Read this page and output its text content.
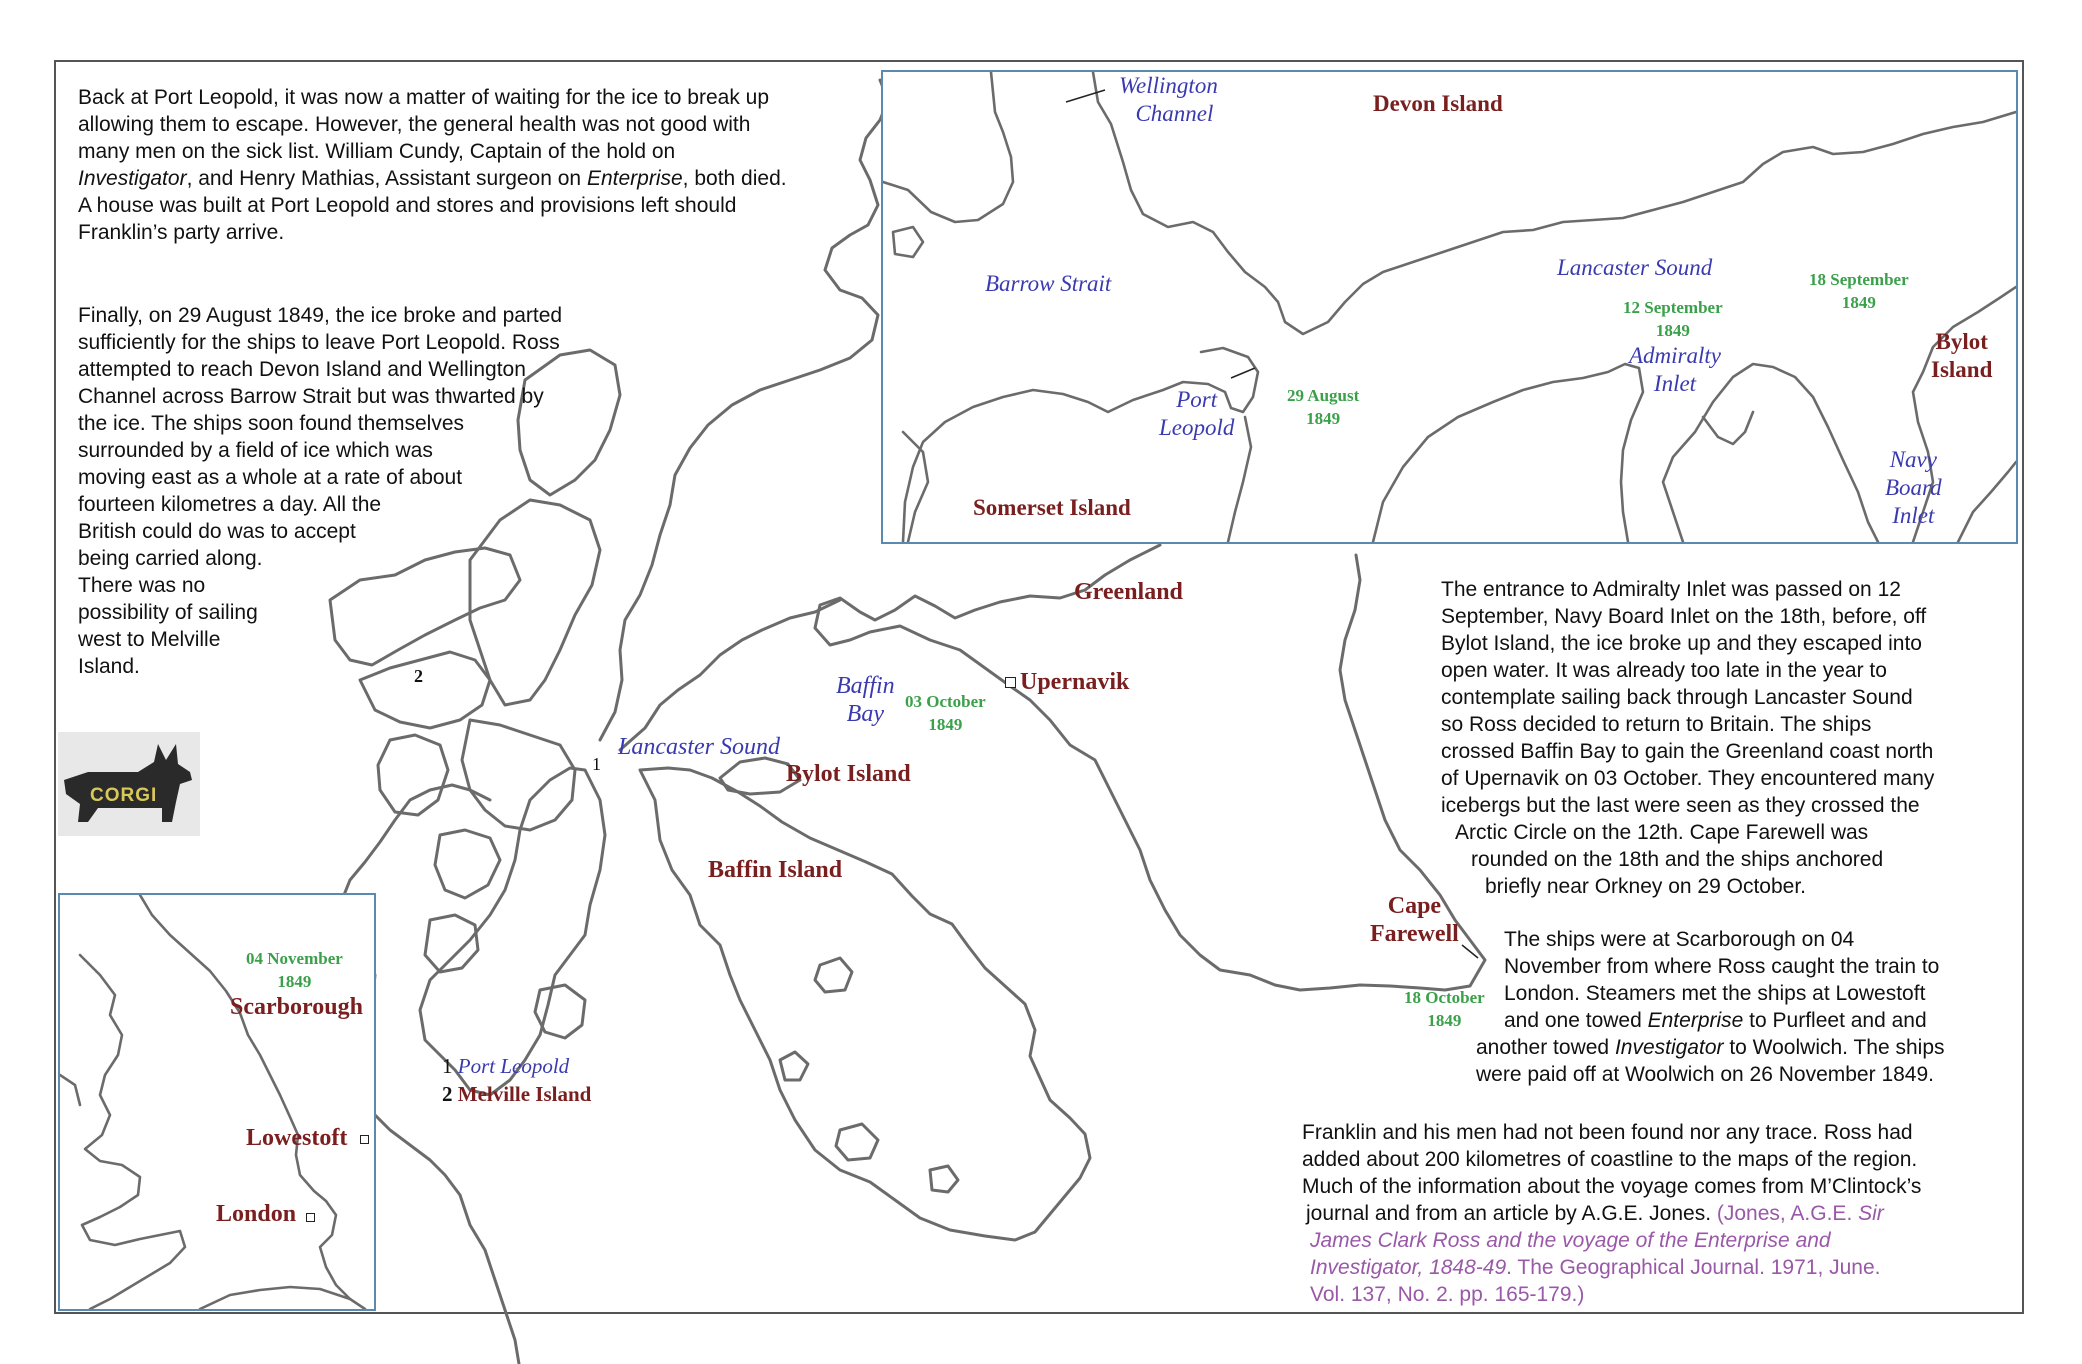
CORGI
Wellington
Channel	Devon Island
Barrow Strait
Lancaster Sound
12 September
1849
18 September
1849
Bylot
Island
Admiralty
Inlet
Port
Leopold
29 August
1849
Navy
Board
Inlet
Somerset Island
04 November
1849
Scarborough
Lowestoft
London
Greenland
Baffin
Bay	03 October
1849
Upernavik
Lancaster Sound
Bylot Island
Baffin Island
Cape
Farewell
18 October
1849
1
2
1 Port Leopold
2 Melville Island
Back at Port Leopold, it was now a matter of waiting for the ice to break up allowing them to escape. However, the general health was not good with many men on the sick list. William Cundy, Captain of the hold on Investigator, and Henry Mathias, Assistant surgeon on Enterprise, both died. A house was built at Port Leopold and stores and provisions left should Franklin’s party arrive.

Finally, on 29 August 1849, the ice broke and parted

sufficiently for the ships to leave Port Leopold. Ross

attempted to reach Devon Island and Wellington

Channel across Barrow Strait but was thwarted by

the ice. The ships soon found themselves

surrounded by a field of ice which was

moving east as a whole at a rate of about

fourteen kilometres a day. All the

British could do was to accept

being carried along.

There was no

possibility of sailing

west to Melville

Island.

The entrance to Admiralty Inlet was passed on 12

September, Navy Board Inlet on the 18th, before, off

Bylot Island, the ice broke up and they escaped into

open water. It was already too late in the year to

contemplate sailing back through Lancaster Sound

so Ross decided to return to Britain. The ships

crossed Baffin Bay to gain the Greenland coast north

of Upernavik on 03 October. They encountered many

icebergs but the last were seen as they crossed the

Arctic Circle on the 12th. Cape Farewell was

rounded on the 18th and the ships anchored

briefly near Orkney on 29 October.

The ships were at Scarborough on 04

November from where Ross caught the train to

London. Steamers met the ships at Lowestoft

and one towed Enterprise to Purfleet and and

another towed Investigator to Woolwich. The ships

were paid off at Woolwich on 26 November 1849.

Franklin and his men had not been found nor any trace. Ross had

added about 200 kilometres of coastline to the maps of the region.

Much of the information about the voyage comes from M’Clintock’s

journal and from an article by A.G.E. Jones. (Jones, A.G.E. Sir

James Clark Ross and the voyage of the Enterprise and

Investigator, 1848-49. The Geographical Journal. 1971, June.

Vol. 137, No. 2. pp. 165-179.)
